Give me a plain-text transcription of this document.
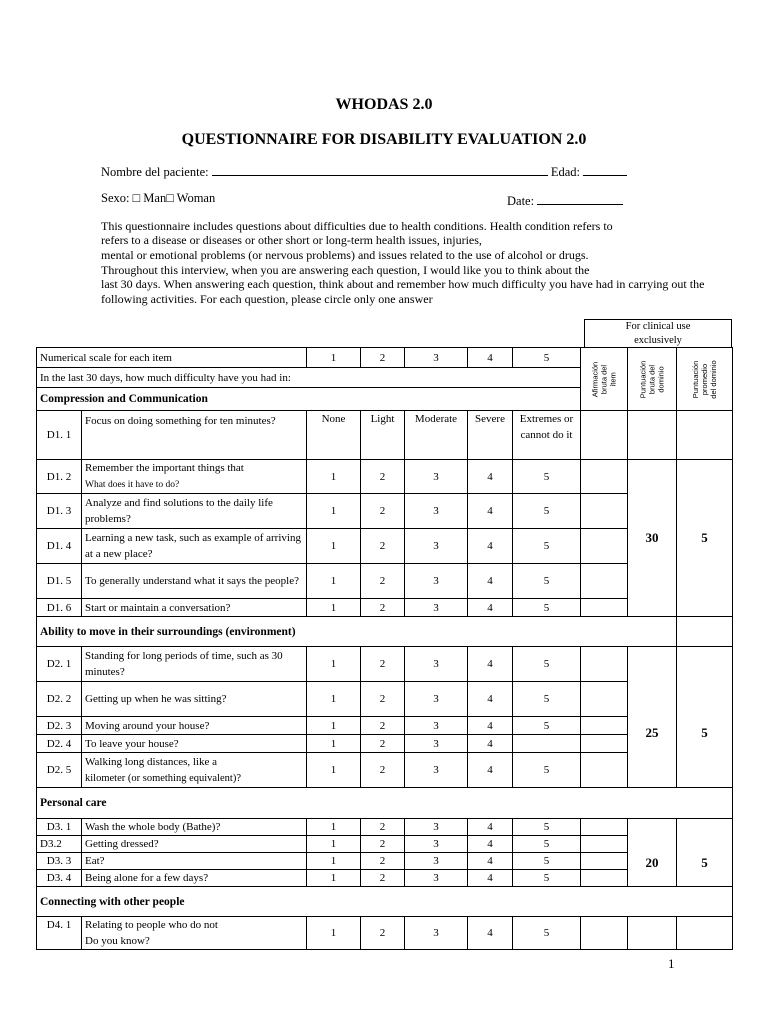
WHODAS 2.0
QUESTIONNAIRE FOR DISABILITY EVALUATION 2.0
Nombre del paciente:	Edad:
Sexo: □ Man□ Woman	Date:
This questionnaire includes questions about difficulties due to health conditions. Health condition refers to
refers to a disease or diseases or other short or long-term health issues, injuries,
mental or emotional problems (or nervous problems) and issues related to the use of alcohol or drugs.
Throughout this interview, when you are answering each question, I would like you to think about the
last 30 days. When answering each question, think about and remember how much difficulty you have had in carrying out the
following activities. For each question, please circle only one answer
For clinical use exclusively
Numerical scale for each item		1	2	3	4	5	Afirmación bruta del ítem	Puntuación bruta del dominio	Puntuación promedio del dominio

In the last 30 days, how much difficulty have you had in:									
Compression and Communication									
D1. 1	Focus on doing something for ten minutes?	None	Light	Moderate	Severe	Extremes or cannot do it			
D1. 2	Remember the important things that
What does it have to do?	1	2	3	4	5		30	5
D1. 3	Analyze and find solutions to the daily life problems?	1	2	3	4	5			
D1. 4	Learning a new task, such as example of arriving at a new place?	1	2	3	4	5			
D1. 5	To generally understand what it says the people?	1	2	3	4	5			
D1. 6	Start or maintain a conversation?	1	2	3	4	5			
Ability to move in their surroundings (environment)									
D2. 1	Standing for long periods of time, such as 30 minutes?	1	2	3	4	5		25	5
D2. 2	Getting up when he was sitting?	1	2	3	4	5			
D2. 3	Moving around your house?	1	2	3	4	5			
D2. 4	To leave your house?	1	2	3	4				
D2. 5	Walking long distances, like a
kilometer (or something equivalent)?	1	2	3	4	5			
Personal care									
D3. 1	Wash the whole body (Bathe)?	1	2	3	4	5		20	5
D3.2	Getting dressed?	1	2	3	4	5			
D3. 3	Eat?	1	2	3	4	5			
D3. 4	Being alone for a few days?	1	2	3	4	5			
Connecting with other people									
D4. 1	Relating to people who do not
Do you know?	1	2	3	4	5			
1
